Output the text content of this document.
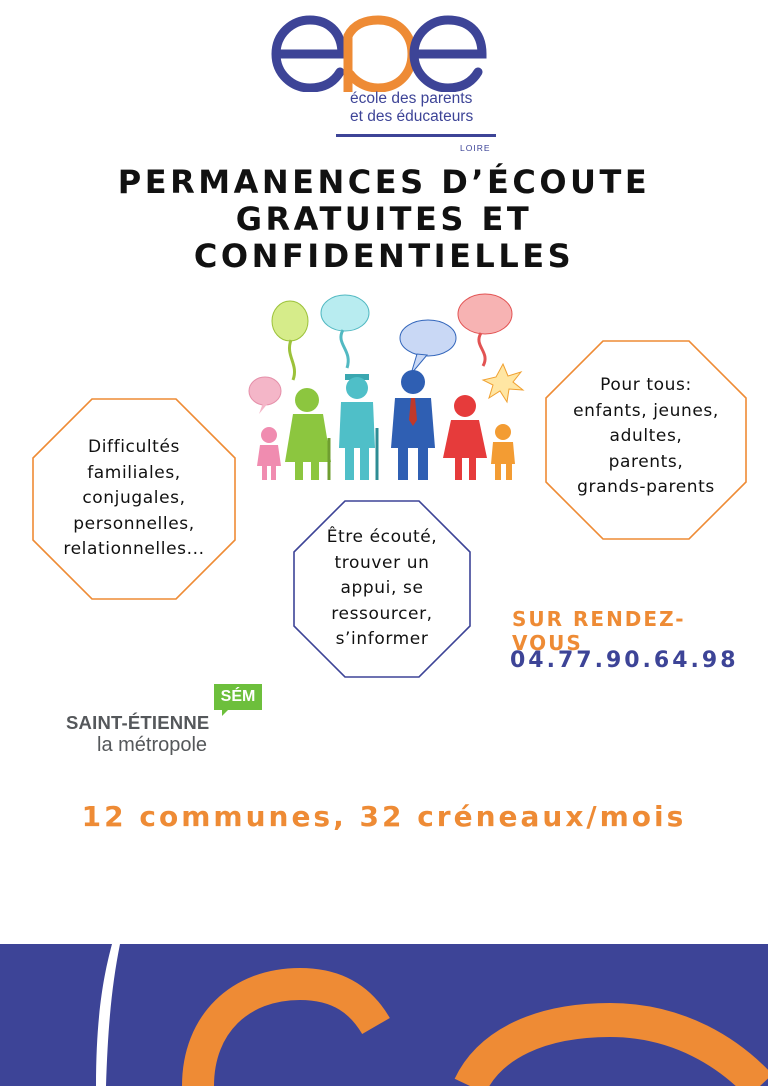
école des parents
et des éducateurs
LOIRE
PERMANENCES D’ÉCOUTE
GRATUITES ET
CONFIDENTIELLES
Difficultés
familiales,
conjugales,
personnelles,
relationnelles...
Pour tous:
enfants, jeunes,
adultes,
parents,
grands-parents
Être écouté,
trouver un
appui, se
ressourcer,
s’informer
SUR RENDEZ-VOUS
04.77.90.64.98
SÉM
SAINT-ÉTIENNE
la métropole
12 communes, 32 créneaux/mois
